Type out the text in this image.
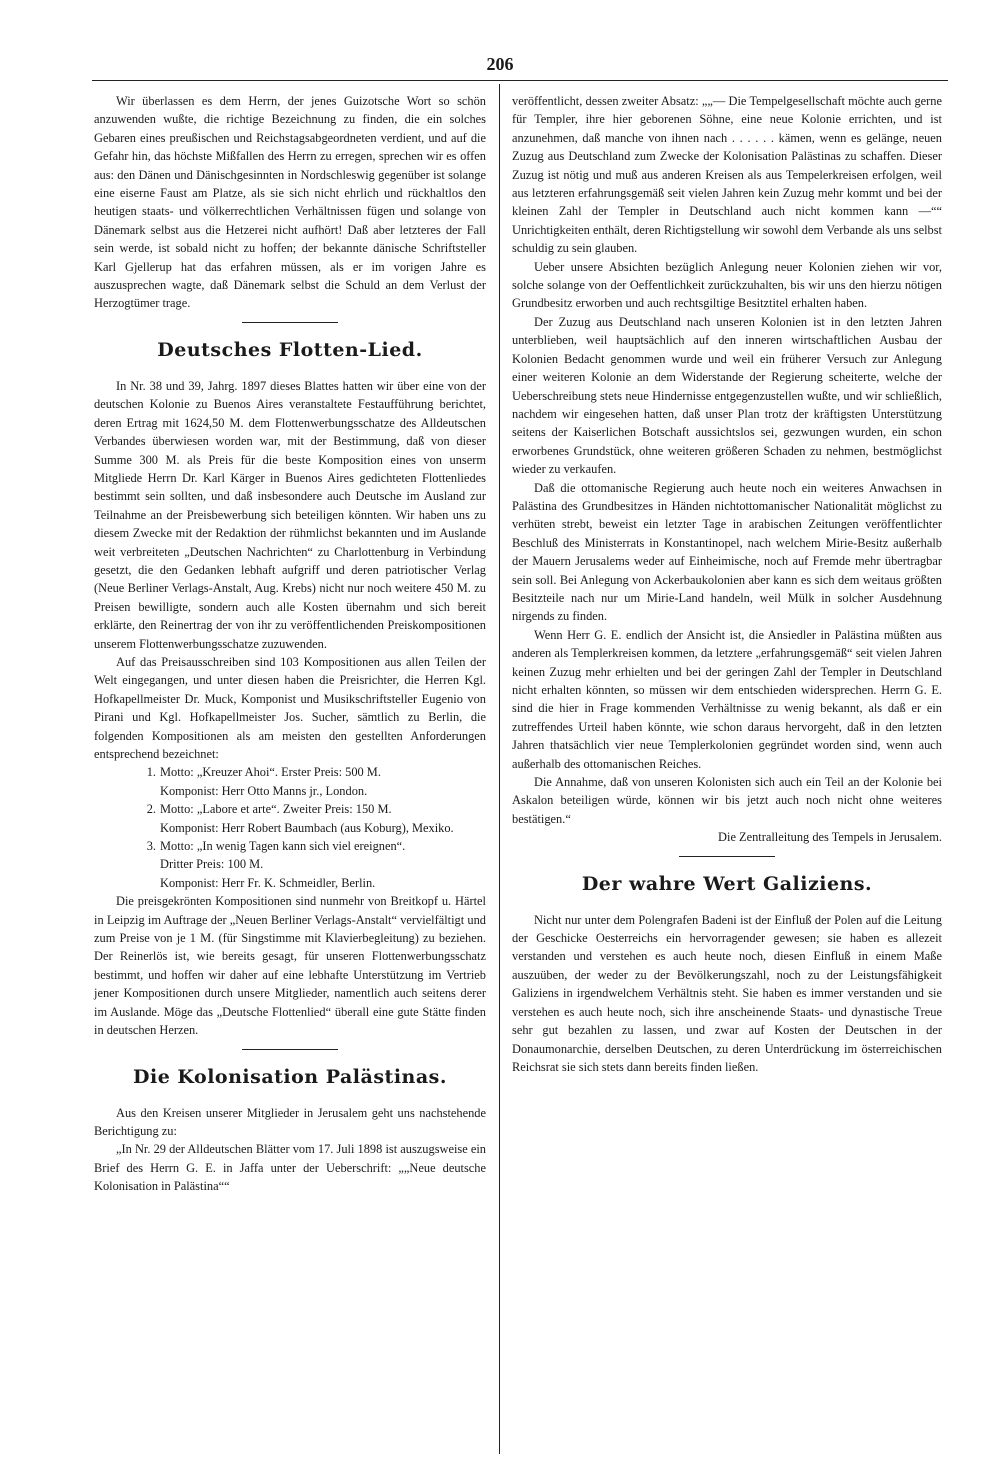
206

Wir überlassen es dem Herrn, der jenes Guizotsche Wort so schön anzuwenden wußte, die richtige Bezeichnung zu finden, die ein solches Gebaren eines preußischen und Reichstagsabgeordneten verdient, und auf die Gefahr hin, das höchste Mißfallen des Herrn zu erregen, sprechen wir es offen aus: den Dänen und Dänischgesinnten in Nordschleswig gegenüber ist solange eine eiserne Faust am Platze, als sie sich nicht ehrlich und rückhaltlos den heutigen staats- und völkerrechtlichen Verhältnissen fügen und solange von Dänemark selbst aus die Hetzerei nicht aufhört! Daß aber letzteres der Fall sein werde, ist sobald nicht zu hoffen; der bekannte dänische Schriftsteller Karl Gjellerup hat das erfahren müssen, als er im vorigen Jahre es auszusprechen wagte, daß Dänemark selbst die Schuld an dem Verlust der Herzogtümer trage.

Deutsches Flotten-Lied.

In Nr. 38 und 39, Jahrg. 1897 dieses Blattes hatten wir über eine von der deutschen Kolonie zu Buenos Aires veranstaltete Festaufführung berichtet, deren Ertrag mit 1624,50 M. dem Flottenwerbungsschatze des Alldeutschen Verbandes überwiesen worden war, mit der Bestimmung, daß von dieser Summe 300 M. als Preis für die beste Komposition eines von unserm Mitgliede Herrn Dr. Karl Kärger in Buenos Aires gedichteten Flottenliedes bestimmt sein sollten, und daß insbesondere auch Deutsche im Ausland zur Teilnahme an der Preisbewerbung sich beteiligen könnten. Wir haben uns zu diesem Zwecke mit der Redaktion der rühmlichst bekannten und im Auslande weit verbreiteten „Deutschen Nachrichten“ zu Charlottenburg in Verbindung gesetzt, die den Gedanken lebhaft aufgriff und deren patriotischer Verlag (Neue Berliner Verlags-Anstalt, Aug. Krebs) nicht nur noch weitere 450 M. zu Preisen bewilligte, sondern auch alle Kosten übernahm und sich bereit erklärte, den Reinertrag der von ihr zu veröffentlichenden Preiskompositionen unserem Flottenwerbungsschatze zuzuwenden.

Auf das Preisausschreiben sind 103 Kompositionen aus allen Teilen der Welt eingegangen, und unter diesen haben die Preisrichter, die Herren Kgl. Hofkapellmeister Dr. Muck, Komponist und Musikschriftsteller Eugenio von Pirani und Kgl. Hofkapellmeister Jos. Sucher, sämtlich zu Berlin, die folgenden Kompositionen als am meisten den gestellten Anforderungen entsprechend bezeichnet:

1. Motto: „Kreuzer Ahoi“. Erster Preis: 500 M.
Komponist: Herr Otto Manns jr., London.
2. Motto: „Labore et arte“. Zweiter Preis: 150 M.
Komponist: Herr Robert Baumbach (aus Koburg), Mexiko.
3. Motto: „In wenig Tagen kann sich viel ereignen“.
Dritter Preis: 100 M.
Komponist: Herr Fr. K. Schmeidler, Berlin.

Die preisgekrönten Kompositionen sind nunmehr von Breitkopf u. Härtel in Leipzig im Auftrage der „Neuen Berliner Verlags-Anstalt“ vervielfältigt und zum Preise von je 1 M. (für Singstimme mit Klavierbegleitung) zu beziehen. Der Reinerlös ist, wie bereits gesagt, für unseren Flottenwerbungsschatz bestimmt, und hoffen wir daher auf eine lebhafte Unterstützung im Vertrieb jener Kompositionen durch unsere Mitglieder, namentlich auch seitens derer im Auslande. Möge das „Deutsche Flottenlied“ überall eine gute Stätte finden in deutschen Herzen.

Die Kolonisation Palästinas.

Aus den Kreisen unserer Mitglieder in Jerusalem geht uns nachstehende Berichtigung zu:

„In Nr. 29 der Alldeutschen Blätter vom 17. Juli 1898 ist auszugsweise ein Brief des Herrn G. E. in Jaffa unter der Ueberschrift: „„Neue deutsche Kolonisation in Palästina““

veröffentlicht, dessen zweiter Absatz: „„— Die Tempelgesellschaft möchte auch gerne für Templer, ihre hier geborenen Söhne, eine neue Kolonie errichten, und ist anzunehmen, daß manche von ihnen nach . . . . . . kämen, wenn es gelänge, neuen Zuzug aus Deutschland zum Zwecke der Kolonisation Palästinas zu schaffen. Dieser Zuzug ist nötig und muß aus anderen Kreisen als aus Tempelerkreisen erfolgen, weil aus letzteren erfahrungsgemäß seit vielen Jahren kein Zuzug mehr kommt und bei der kleinen Zahl der Templer in Deutschland auch nicht kommen kann —““ Unrichtigkeiten enthält, deren Richtigstellung wir sowohl dem Verbande als uns selbst schuldig zu sein glauben.

Ueber unsere Absichten bezüglich Anlegung neuer Kolonien ziehen wir vor, solche solange von der Oeffentlichkeit zurückzuhalten, bis wir uns den hierzu nötigen Grundbesitz erworben und auch rechtsgiltige Besitztitel erhalten haben.

Der Zuzug aus Deutschland nach unseren Kolonien ist in den letzten Jahren unterblieben, weil hauptsächlich auf den inneren wirtschaftlichen Ausbau der Kolonien Bedacht genommen wurde und weil ein früherer Versuch zur Anlegung einer weiteren Kolonie an dem Widerstande der Regierung scheiterte, welche der Ueberschreibung stets neue Hindernisse entgegenzustellen wußte, und wir schließlich, nachdem wir eingesehen hatten, daß unser Plan trotz der kräftigsten Unterstützung seitens der Kaiserlichen Botschaft aussichtslos sei, gezwungen wurden, ein schon erworbenes Grundstück, ohne weiteren größeren Schaden zu nehmen, bestmöglichst wieder zu verkaufen.

Daß die ottomanische Regierung auch heute noch ein weiteres Anwachsen in Palästina des Grundbesitzes in Händen nichtottomanischer Nationalität möglichst zu verhüten strebt, beweist ein letzter Tage in arabischen Zeitungen veröffentlichter Beschluß des Ministerrats in Konstantinopel, nach welchem Mirie-Besitz außerhalb der Mauern Jerusalems weder auf Einheimische, noch auf Fremde mehr übertragbar sein soll. Bei Anlegung von Ackerbaukolonien aber kann es sich dem weitaus größten Besitzteile nach nur um Mirie-Land handeln, weil Mülk in solcher Ausdehnung nirgends zu finden.

Wenn Herr G. E. endlich der Ansicht ist, die Ansiedler in Palästina müßten aus anderen als Templerkreisen kommen, da letztere „erfahrungsgemäß“ seit vielen Jahren keinen Zuzug mehr erhielten und bei der geringen Zahl der Templer in Deutschland nicht erhalten könnten, so müssen wir dem entschieden widersprechen. Herrn G. E. sind die hier in Frage kommenden Verhältnisse zu wenig bekannt, als daß er ein zutreffendes Urteil haben könnte, wie schon daraus hervorgeht, daß in den letzten Jahren thatsächlich vier neue Templerkolonien gegründet worden sind, wenn auch außerhalb des ottomanischen Reiches.

Die Annahme, daß von unseren Kolonisten sich auch ein Teil an der Kolonie bei Askalon beteiligen würde, können wir bis jetzt auch noch nicht ohne weiteres bestätigen.“

Die Zentralleitung des Tempels in Jerusalem.

Der wahre Wert Galiziens.

Nicht nur unter dem Polengrafen Badeni ist der Einfluß der Polen auf die Leitung der Geschicke Oesterreichs ein hervorragender gewesen; sie haben es allezeit verstanden und verstehen es auch heute noch, diesen Einfluß in einem Maße auszuüben, der weder zu der Bevölkerungszahl, noch zu der Leistungsfähigkeit Galiziens in irgendwelchem Verhältnis steht. Sie haben es immer verstanden und sie verstehen es auch heute noch, sich ihre anscheinende Staats- und dynastische Treue sehr gut bezahlen zu lassen, und zwar auf Kosten der Deutschen in der Donaumonarchie, derselben Deutschen, zu deren Unterdrückung im österreichischen Reichsrat sie sich stets dann bereits finden ließen.
